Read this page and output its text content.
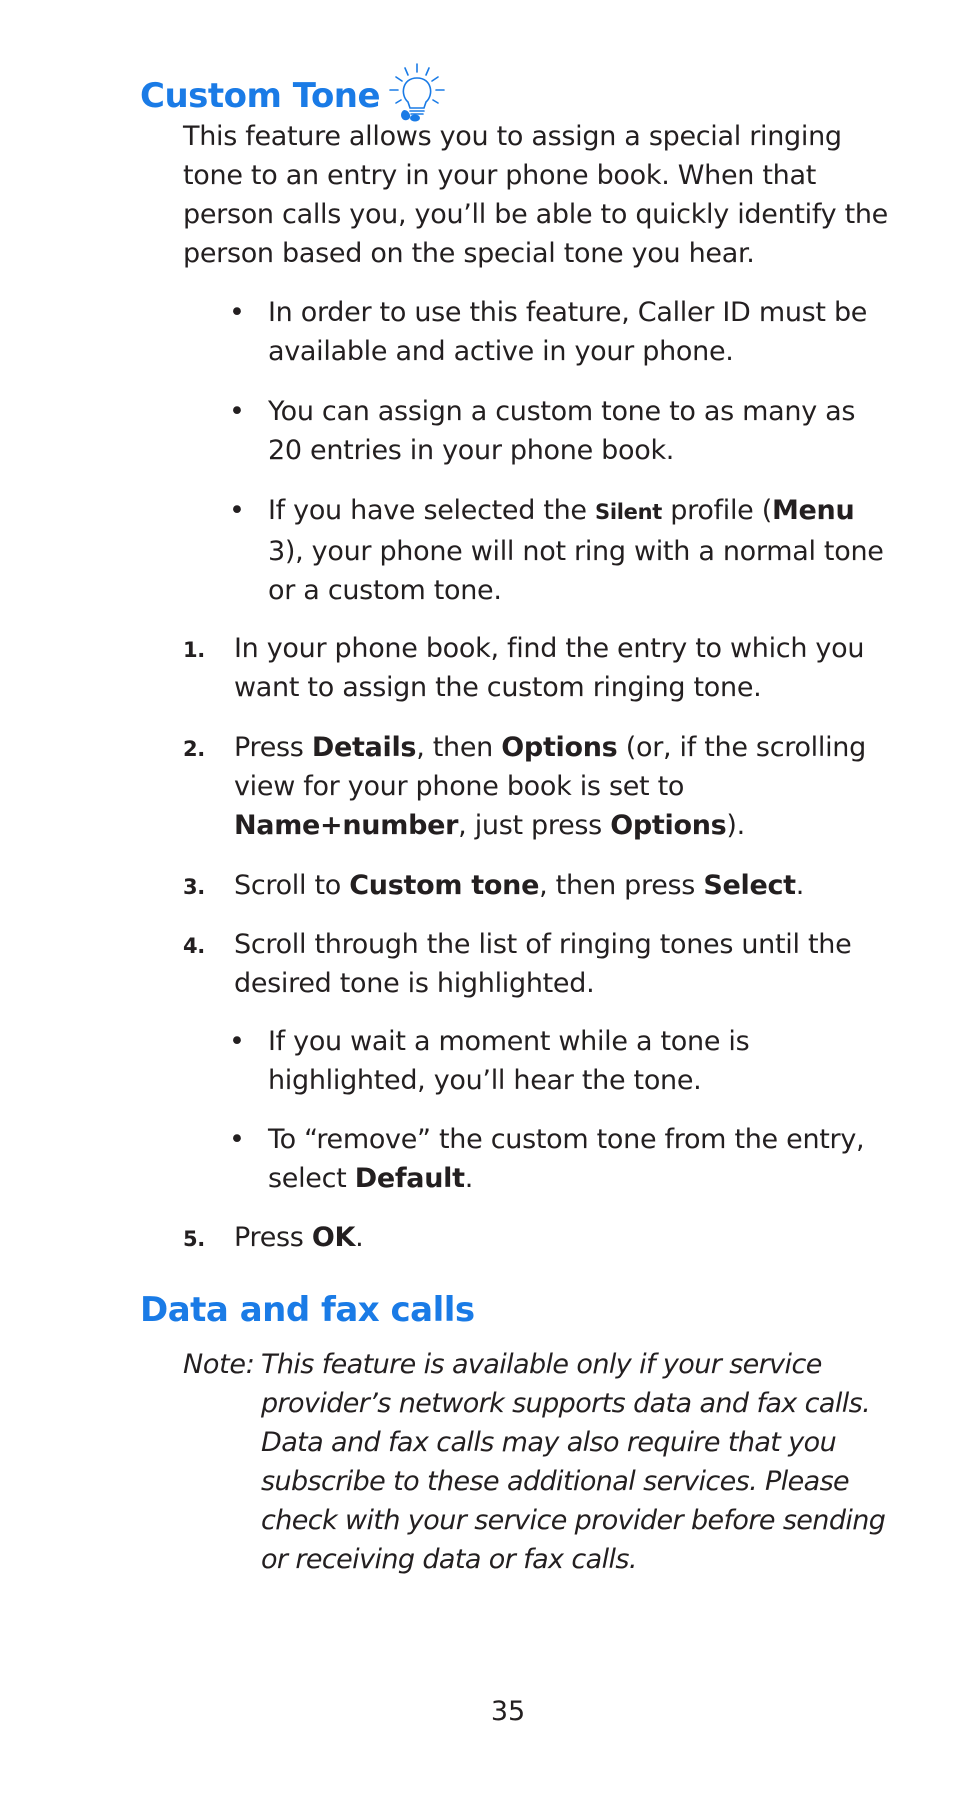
Custom Tone

This feature allows you to assign a special ringing tone to an entry in your phone book. When that person calls you, you’ll be able to quickly identify the person based on the special tone you hear.

• In order to use this feature, Caller ID must be available and active in your phone.
• You can assign a custom tone to as many as 20 entries in your phone book.
• If you have selected the Silent profile (Menu 3), your phone will not ring with a normal tone or a custom tone.
1.	In your phone book, find the entry to which you want to assign the custom ringing tone.
2.	Press Details, then Options (or, if the scrolling view for your phone book is set to Name+number, just press Options).
3.	Scroll to Custom tone, then press Select.
4.	Scroll through the list of ringing tones until the desired tone is highlighted.
• If you wait a moment while a tone is highlighted, you’ll hear the tone.
• To “remove” the custom tone from the entry, select Default.
5.	Press OK.
Data and fax calls
Note: This feature is available only if your service provider’s network supports data and fax calls. Data and fax calls may also require that you subscribe to these additional services. Please check with your service provider before sending or receiving data or fax calls.
35
